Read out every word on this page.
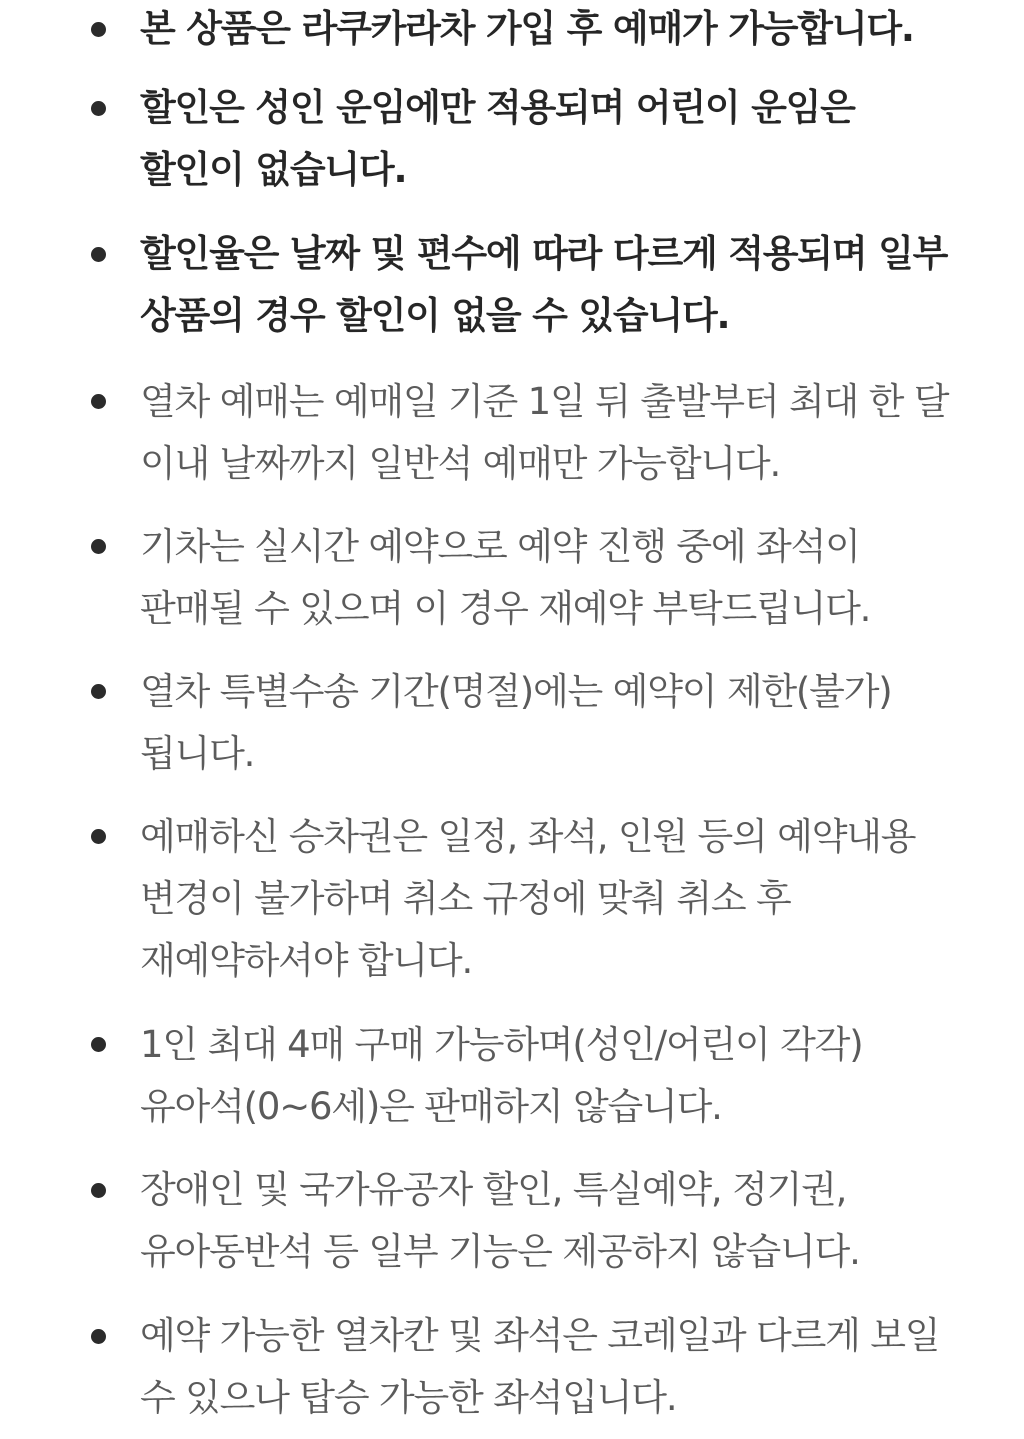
본 상품은 라쿠카라차 가입 후 예매가 가능합니다.

할인은 성인 운임에만 적용되며 어린이 운임은 할인이 없습니다.

할인율은 날짜 및 편수에 따라 다르게 적용되며 일부 상품의 경우 할인이 없을 수 있습니다.

열차 예매는 예매일 기준 1일 뒤 출발부터 최대 한 달 이내 날짜까지 일반석 예매만 가능합니다.

기차는 실시간 예약으로 예약 진행 중에 좌석이 판매될 수 있으며 이 경우 재예약 부탁드립니다.

열차 특별수송 기간(명절)에는 예약이 제한(불가)됩니다.

예매하신 승차권은 일정, 좌석, 인원 등의 예약내용 변경이 불가하며 취소 규정에 맞춰 취소 후 재예약하셔야 합니다.

1인 최대 4매 구매 가능하며(성인/어린이 각각) 유아석(0~6세)은 판매하지 않습니다.

장애인 및 국가유공자 할인, 특실예약, 정기권, 유아동반석 등 일부 기능은 제공하지 않습니다.

예약 가능한 열차칸 및 좌석은 코레일과 다르게 보일 수 있으나 탑승 가능한 좌석입니다.
